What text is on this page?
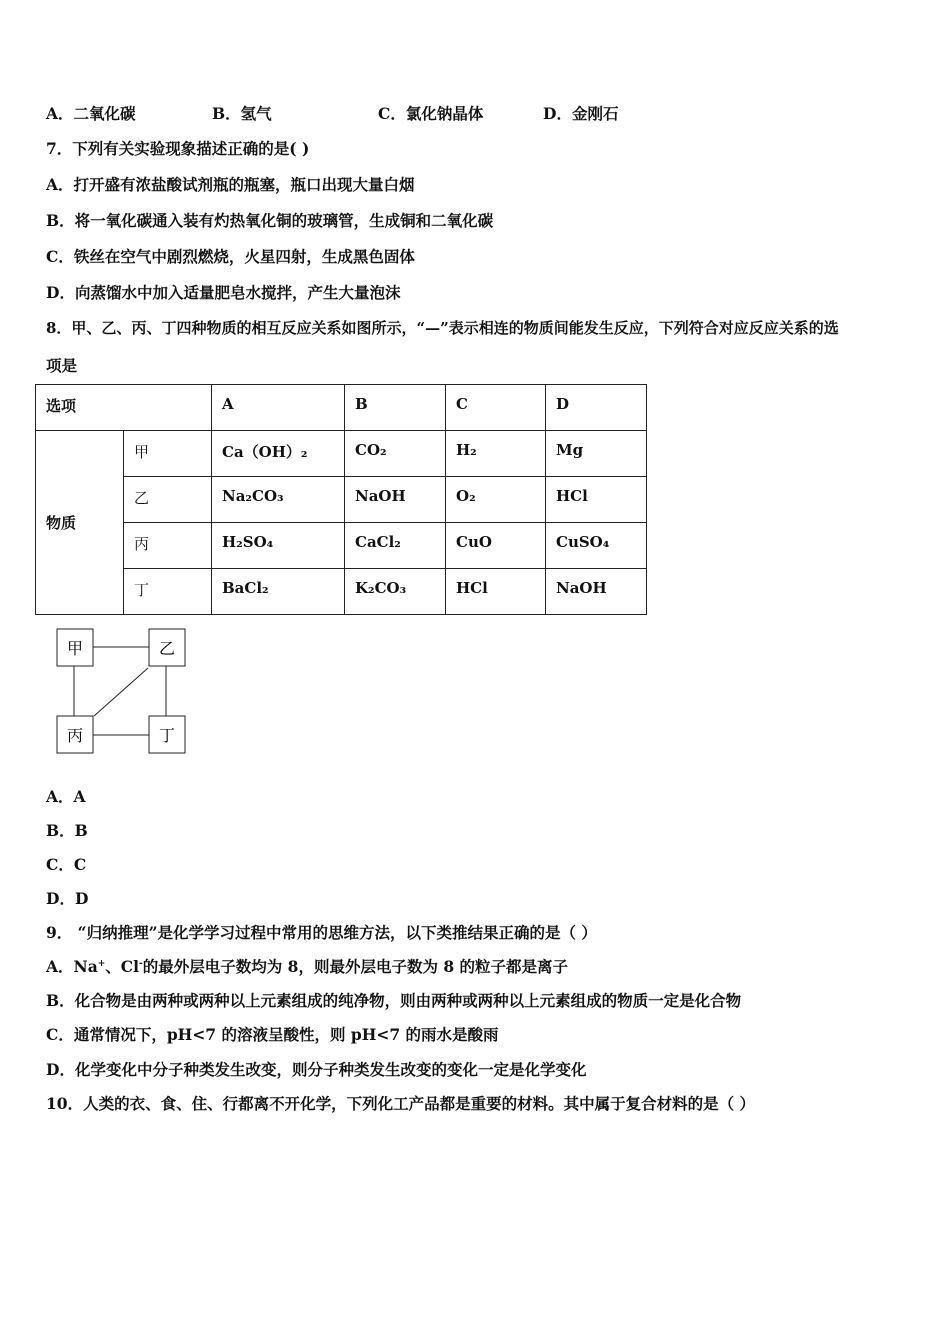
A．二氧化碳	B．氢气	C．氯化钠晶体	D．金刚石
7．下列有关实验现象描述正确的是( )
A．打开盛有浓盐酸试剂瓶的瓶塞，瓶口出现大量白烟
B．将一氧化碳通入装有灼热氧化铜的玻璃管，生成铜和二氧化碳
C．铁丝在空气中剧烈燃烧，火星四射，生成黑色固体
D．向蒸馏水中加入适量肥皂水搅拌，产生大量泡沫
8．甲、乙、丙、丁四种物质的相互反应关系如图所示，“—”表示相连的物质间能发生反应，下列符合对应反应关系的选
项是
选项		A	B	C	D
物质	甲	Ca（OH）₂	CO₂	H₂	Mg
	乙	Na₂CO₃	NaOH	O₂	HCl
	丙	H₂SO₄	CaCl₂	CuO	CuSO₄
	丁	BaCl₂	K₂CO₃	HCl	NaOH
甲	乙
丙	丁
A．A
B．B
C．C
D．D
9． “归纳推理”是化学学习过程中常用的思维方法，以下类推结果正确的是（ ）
A．Na+、Cl-的最外层电子数均为 8，则最外层电子数为 8 的粒子都是离子
B．化合物是由两种或两种以上元素组成的纯净物，则由两种或两种以上元素组成的物质一定是化合物
C．通常情况下，pH<7 的溶液呈酸性，则 pH<7 的雨水是酸雨
D．化学变化中分子种类发生改变，则分子种类发生改变的变化一定是化学变化
10．人类的衣、食、住、行都离不开化学，下列化工产品都是重要的材料。其中属于复合材料的是（ ）
